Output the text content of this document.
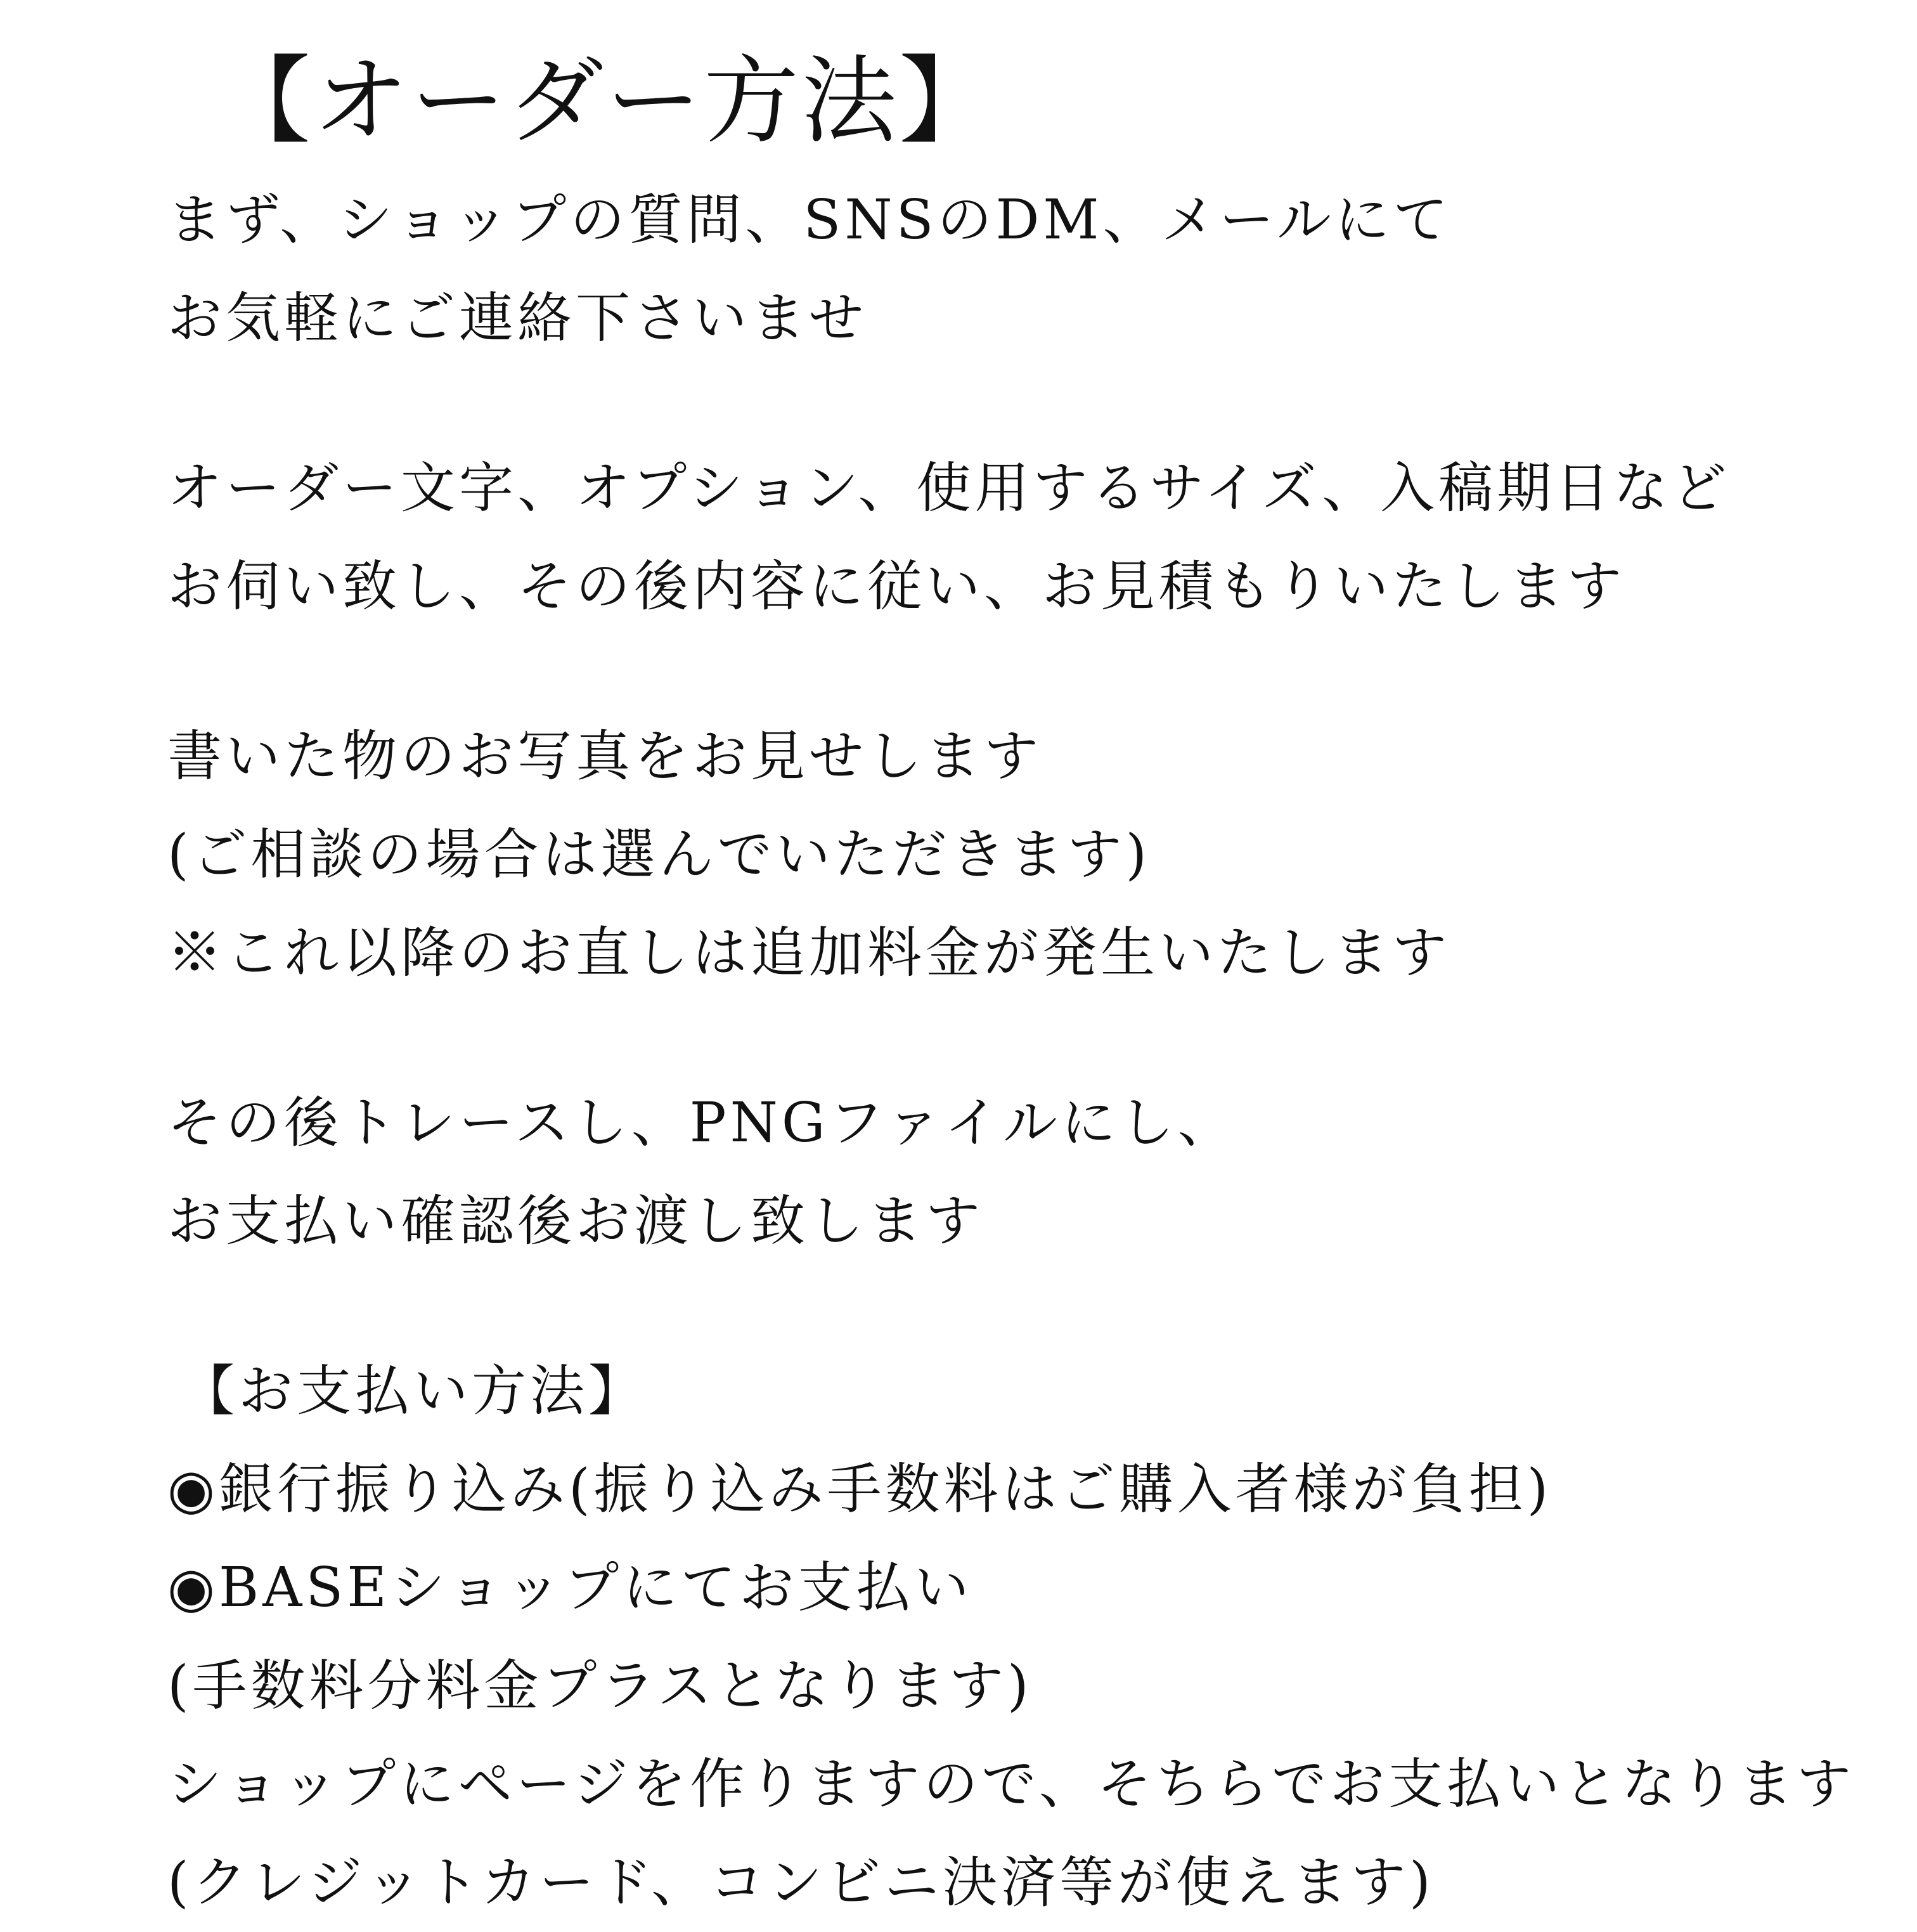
【オーダー方法】
まず、ショップの質問、SNSのDM、メールにて
お気軽にご連絡下さいませ
オーダー文字、オプション、使用するサイズ、入稿期日など
お伺い致し、その後内容に従い、お見積もりいたします
書いた物のお写真をお見せします
(ご相談の場合は選んでいただきます)
※これ以降のお直しは追加料金が発生いたします
その後トレースし、PNGファイルにし、
お支払い確認後お渡し致します
【お支払い方法】
◉銀行振り込み(振り込み手数料はご購入者様が負担)
◉BASEショップにてお支払い
(手数料分料金プラスとなります)
ショップにページを作りますので、そちらでお支払いとなります
(クレジットカード、コンビニ決済等が使えます)
